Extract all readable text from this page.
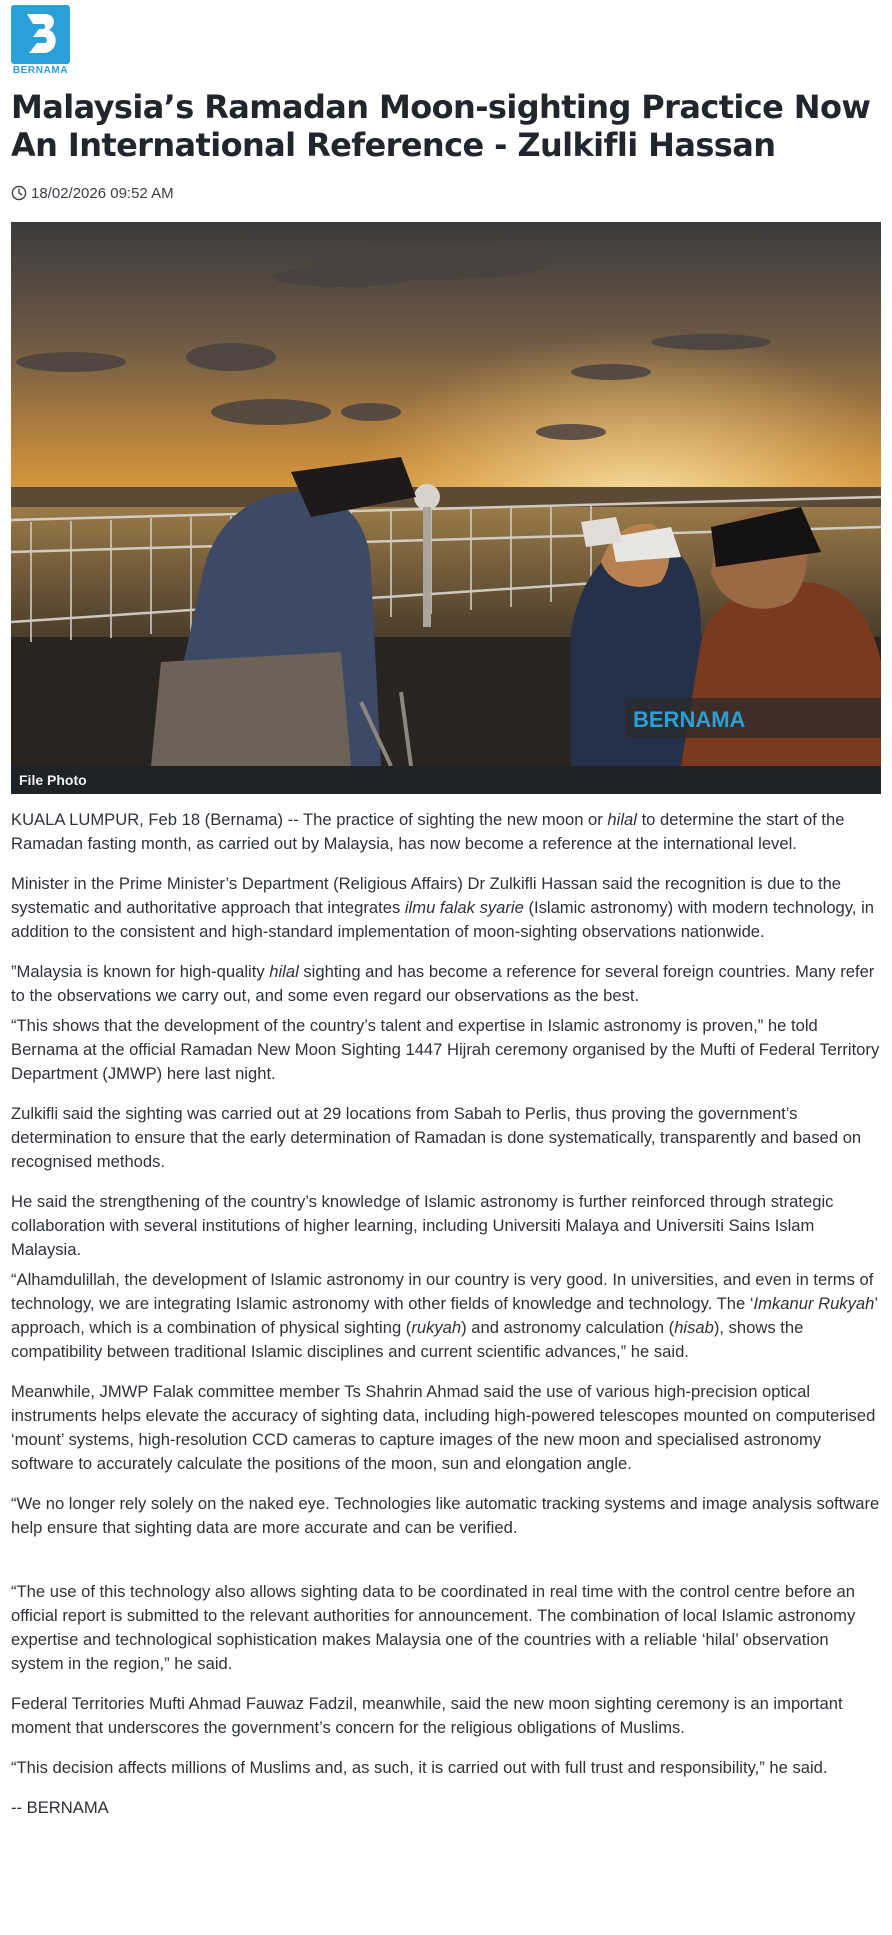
BERNAMA
Malaysia’s Ramadan Moon-sighting Practice Now An International Reference - Zulkifli Hassan
18/02/2026 09:52 AM
BERNAMA
File Photo

KUALA LUMPUR, Feb 18 (Bernama) -- The practice of sighting the new moon or hilal to determine the start of the Ramadan fasting month, as carried out by Malaysia, has now become a reference at the international level.

Minister in the Prime Minister’s Department (Religious Affairs) Dr Zulkifli Hassan said the recognition is due to the systematic and authoritative approach that integrates ilmu falak syarie (Islamic astronomy) with modern technology, in addition to the consistent and high-standard implementation of moon-sighting observations nationwide.

”Malaysia is known for high-quality hilal sighting and has become a reference for several foreign countries. Many refer to the observations we carry out, and some even regard our observations as the best.

“This shows that the development of the country’s talent and expertise in Islamic astronomy is proven,” he told Bernama at the official Ramadan New Moon Sighting 1447 Hijrah ceremony organised by the Mufti of Federal Territory Department (JMWP) here last night.

Zulkifli said the sighting was carried out at 29 locations from Sabah to Perlis, thus proving the government’s determination to ensure that the early determination of Ramadan is done systematically, transparently and based on recognised methods.

He said the strengthening of the country’s knowledge of Islamic astronomy is further reinforced through strategic collaboration with several institutions of higher learning, including Universiti Malaya and Universiti Sains Islam Malaysia.

“Alhamdulillah, the development of Islamic astronomy in our country is very good. In universities, and even in terms of technology, we are integrating Islamic astronomy with other fields of knowledge and technology. The ‘Imkanur Rukyah’ approach, which is a combination of physical sighting (rukyah) and astronomy calculation (hisab), shows the compatibility between traditional Islamic disciplines and current scientific advances,” he said.

Meanwhile, JMWP Falak committee member Ts Shahrin Ahmad said the use of various high-precision optical instruments helps elevate the accuracy of sighting data, including high-powered telescopes mounted on computerised ‘mount’ systems, high-resolution CCD cameras to capture images of the new moon and specialised astronomy software to accurately calculate the positions of the moon, sun and elongation angle.

“We no longer rely solely on the naked eye. Technologies like automatic tracking systems and image analysis software help ensure that sighting data are more accurate and can be verified.

“The use of this technology also allows sighting data to be coordinated in real time with the control centre before an official report is submitted to the relevant authorities for announcement. The combination of local Islamic astronomy expertise and technological sophistication makes Malaysia one of the countries with a reliable ‘hilal’ observation system in the region,” he said.

Federal Territories Mufti Ahmad Fauwaz Fadzil, meanwhile, said the new moon sighting ceremony is an important moment that underscores the government’s concern for the religious obligations of Muslims.

“This decision affects millions of Muslims and, as such, it is carried out with full trust and responsibility,” he said.

-- BERNAMA
